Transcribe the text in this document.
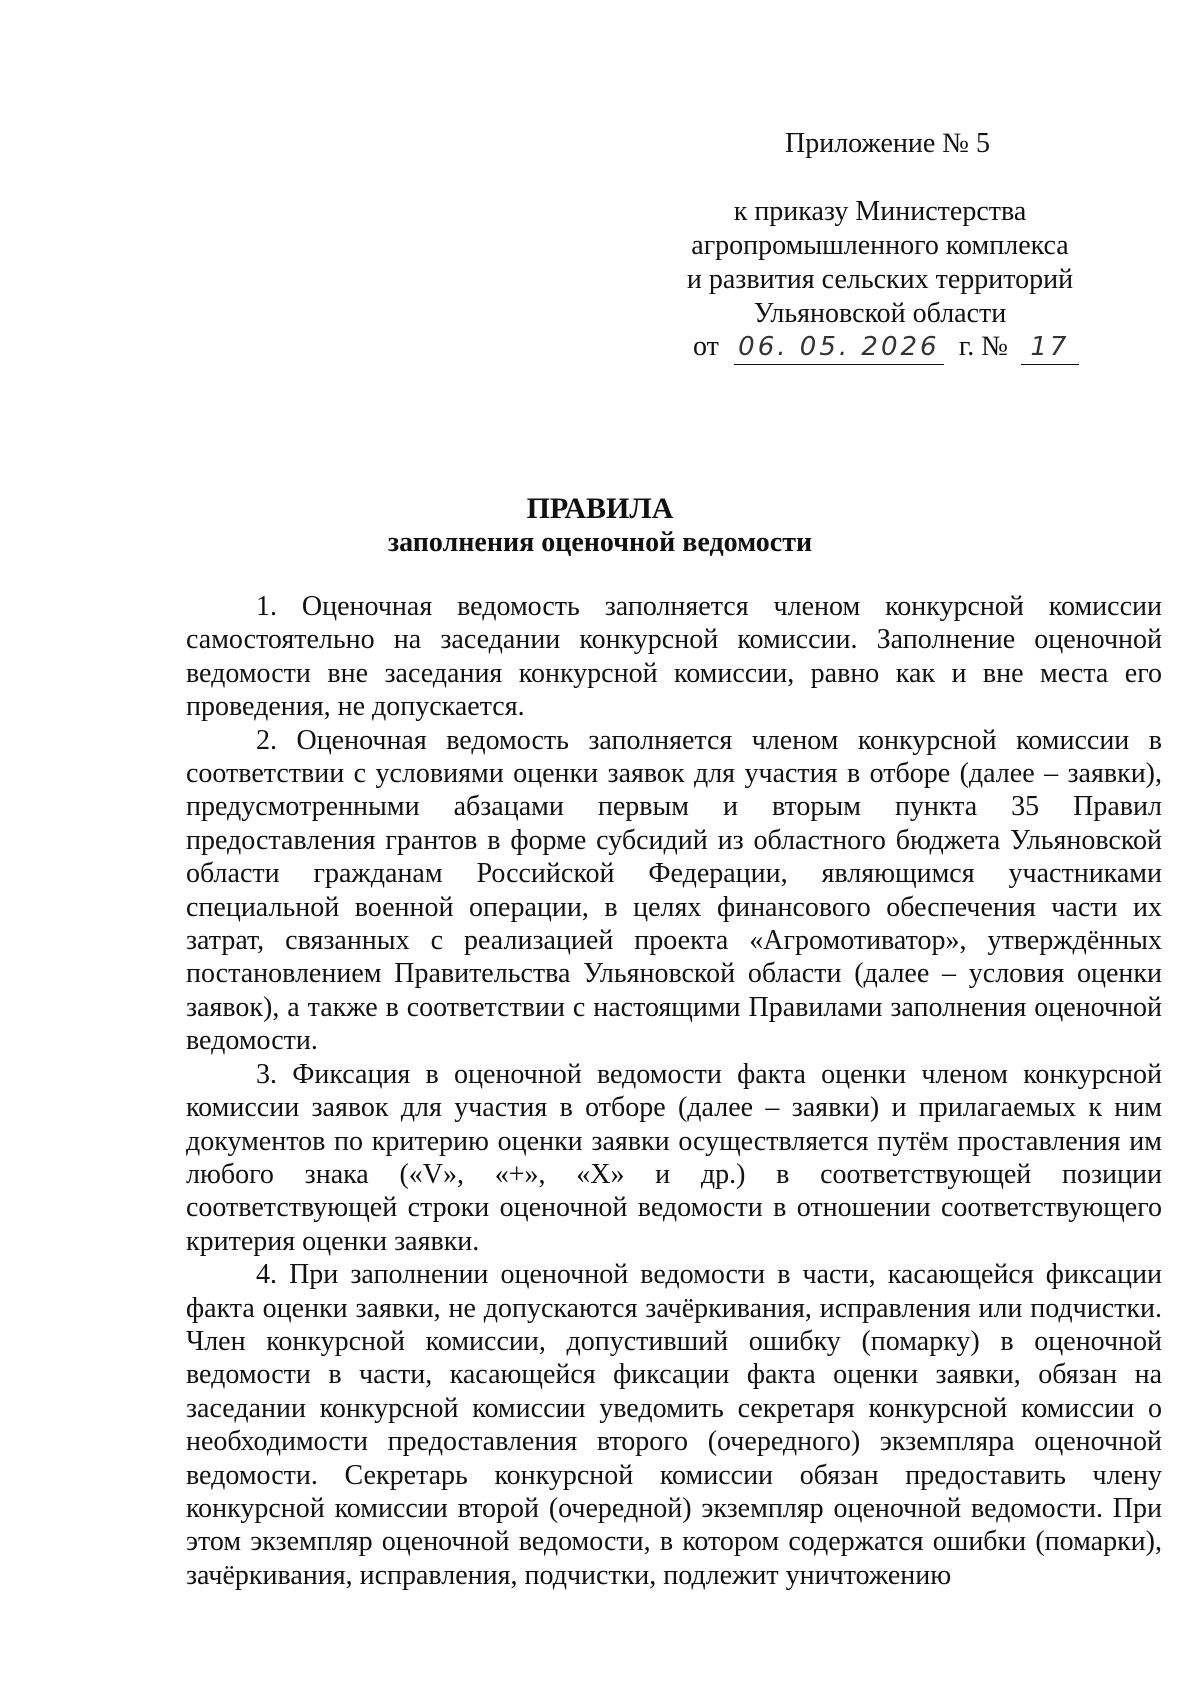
Приложение № 5
к приказу Министерства
агропромышленного комплекса
и развития сельских территорий
Ульяновской области
от 06. 05. 2026 г. № 17
ПРАВИЛА
заполнения оценочной ведомости

1. Оценочная ведомость заполняется членом конкурсной комиссии самостоятельно на заседании конкурсной комиссии. Заполнение оценочной ведомости вне заседания конкурсной комиссии, равно как и вне места его проведения, не допускается.

2. Оценочная ведомость заполняется членом конкурсной комиссии в соответствии с условиями оценки заявок для участия в отборе (далее – заявки), предусмотренными абзацами первым и вторым пункта 35 Правил предоставления грантов в форме субсидий из областного бюджета Ульяновской области гражданам Российской Федерации, являющимся участниками специальной военной операции, в целях финансового обеспечения части их затрат, связанных с реализацией проекта «Агромотиватор», утверждённых постановлением Правительства Ульяновской области (далее – условия оценки заявок), а также в соответствии с настоящими Правилами заполнения оценочной ведомости.

3. Фиксация в оценочной ведомости факта оценки членом конкурсной комиссии заявок для участия в отборе (далее – заявки) и прилагаемых к ним документов по критерию оценки заявки осуществляется путём проставления им любого знака («V», «+», «X» и др.) в соответствующей позиции соответствующей строки оценочной ведомости в отношении соответствующего критерия оценки заявки.

4. При заполнении оценочной ведомости в части, касающейся фиксации факта оценки заявки, не допускаются зачёркивания, исправления или подчистки. Член конкурсной комиссии, допустивший ошибку (помарку) в оценочной ведомости в части, касающейся фиксации факта оценки заявки, обязан на заседании конкурсной комиссии уведомить секретаря конкурсной комиссии о необходимости предоставления второго (очередного) экземпляра оценочной ведомости. Секретарь конкурсной комиссии обязан предоставить члену конкурсной комиссии второй (очередной) экземпляр оценочной ведомости. При этом экземпляр оценочной ведомости, в котором содержатся ошибки (помарки), зачёркивания, исправления, подчистки, подлежит уничтожению
